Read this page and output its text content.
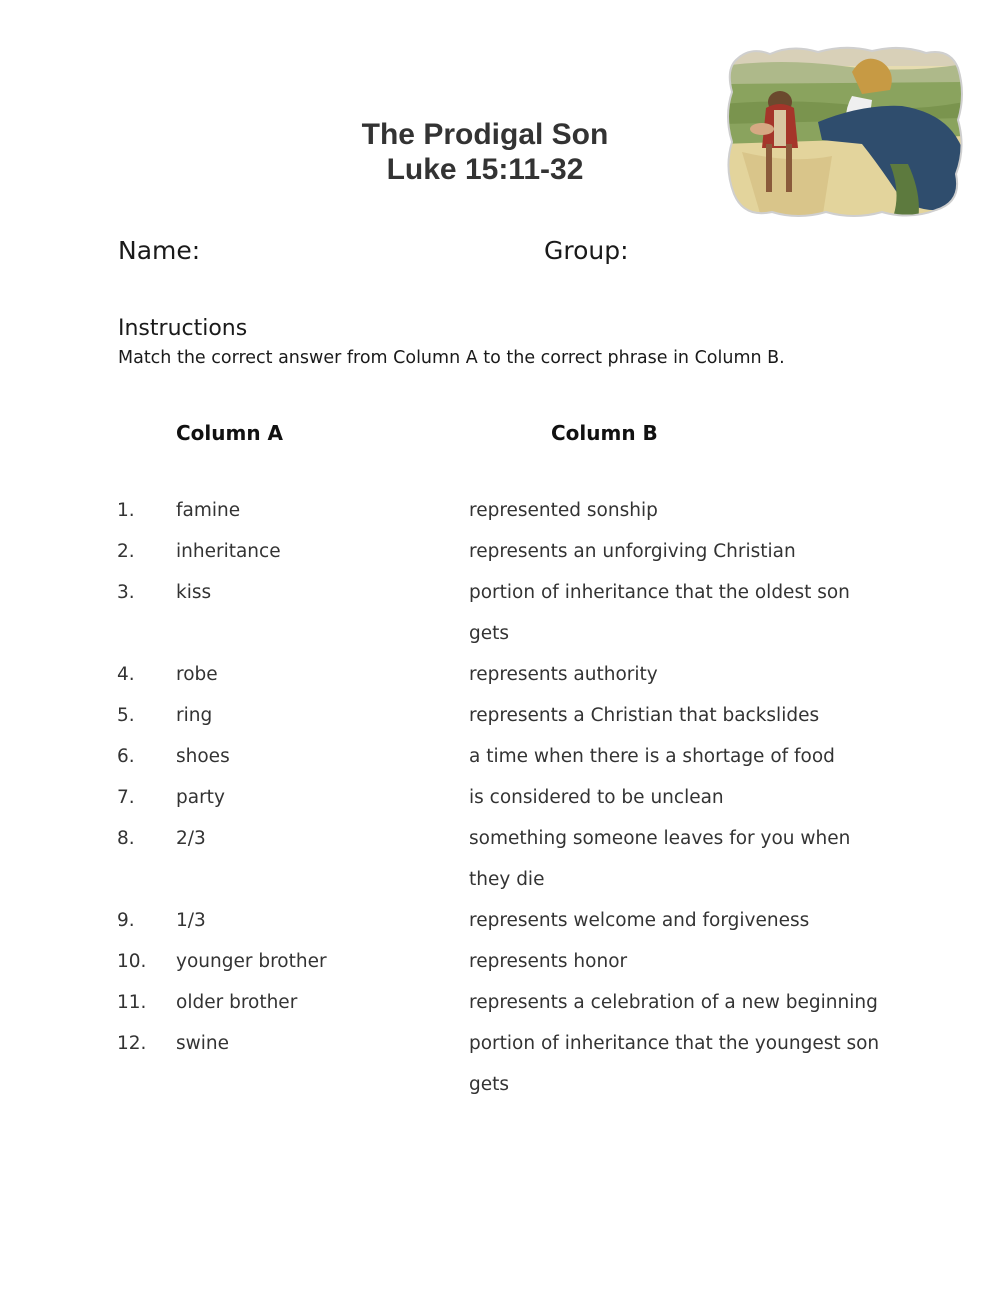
The Prodigal Son
Luke 15:11-32
Name:	Group:
Instructions
Match the correct answer from Column A to the correct phrase in Column B.
Column A	Column B
1. famine	represented sonship
2. inheritance	represents an unforgiving Christian
3. kiss	portion of inheritance that the oldest son gets
4. robe	represents authority
5. ring	represents a Christian that backslides
6. shoes	a time when there is a shortage of food
7. party	is considered to be unclean
8. 2/3	something someone leaves for you when they die
9. 1/3	represents welcome and forgiveness
10. younger brother	represents honor
11. older brother	represents a celebration of a new beginning
12. swine	portion of inheritance that the youngest son gets
